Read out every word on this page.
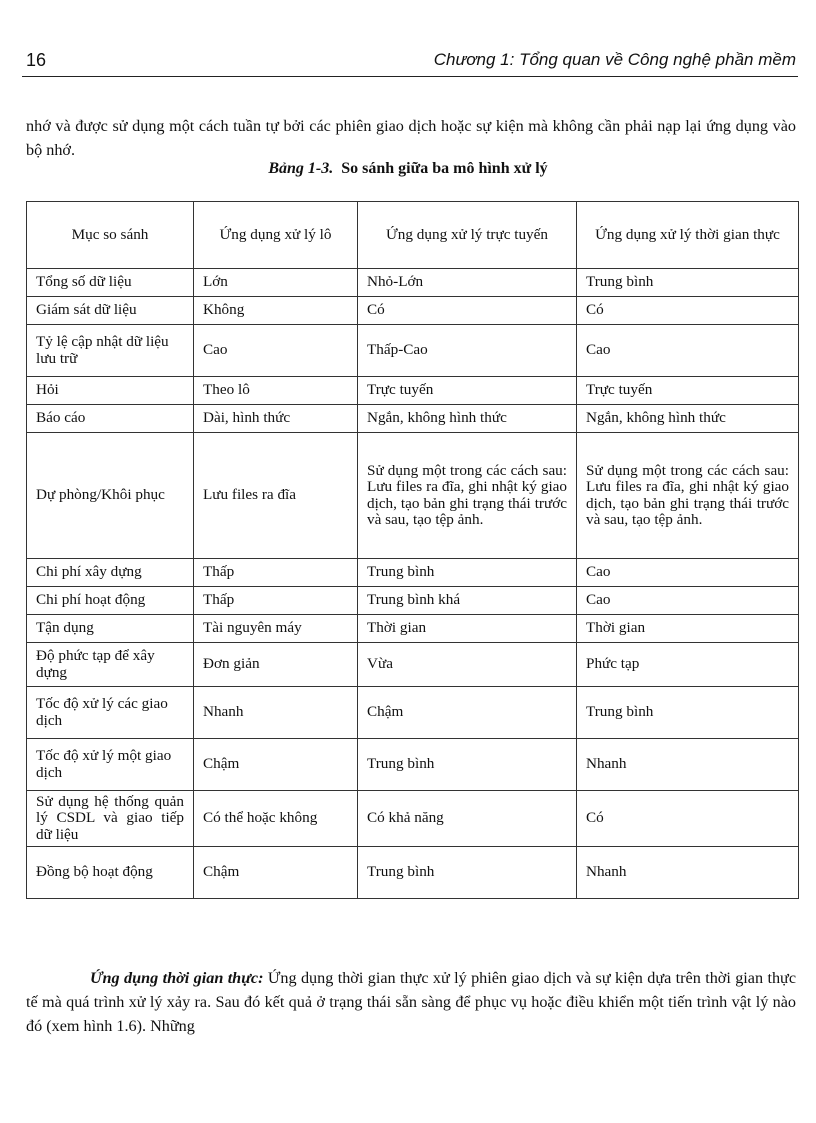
16	Chương 1: Tổng quan về Công nghệ phần mềm

nhớ và được sử dụng một cách tuần tự bởi các phiên giao dịch hoặc sự kiện mà không cần phải nạp lại ứng dụng vào bộ nhớ.

Bảng 1-3. So sánh giữa ba mô hình xử lý
Mục so sánh	Ứng dụng xử lý lô	Ứng dụng xử lý trực tuyến	Ứng dụng xử lý thời gian thực
Tổng số dữ liệu	Lớn	Nhỏ-Lớn	Trung bình
Giám sát dữ liệu	Không	Có	Có
Tỷ lệ cập nhật dữ liệu lưu trữ	Cao	Thấp-Cao	Cao
Hỏi	Theo lô	Trực tuyến	Trực tuyến
Báo cáo	Dài, hình thức	Ngắn, không hình thức	Ngắn, không hình thức
Dự phòng/Khôi phục	Lưu files ra đĩa	Sử dụng một trong các cách sau: Lưu files ra đĩa, ghi nhật ký giao dịch, tạo bản ghi trạng thái trước và sau, tạo tệp ảnh.	Sử dụng một trong các cách sau: Lưu files ra đĩa, ghi nhật ký giao dịch, tạo bản ghi trạng thái trước và sau, tạo tệp ảnh.
Chi phí xây dựng	Thấp	Trung bình	Cao
Chi phí hoạt động	Thấp	Trung bình khá	Cao
Tận dụng	Tài nguyên máy	Thời gian	Thời gian
Độ phức tạp để xây dựng	Đơn giản	Vừa	Phức tạp
Tốc độ xử lý các giao dịch	Nhanh	Chậm	Trung bình
Tốc độ xử lý một giao dịch	Chậm	Trung bình	Nhanh
Sử dụng hệ thống quản lý CSDL và giao tiếp dữ liệu	Có thể hoặc không	Có khả năng	Có
Đồng bộ hoạt động	Chậm	Trung bình	Nhanh

Ứng dụng thời gian thực: Ứng dụng thời gian thực xử lý phiên giao dịch và sự kiện dựa trên thời gian thực tế mà quá trình xử lý xảy ra. Sau đó kết quả ở trạng thái sẵn sàng để phục vụ hoặc điều khiển một tiến trình vật lý nào đó (xem hình 1.6). Những
